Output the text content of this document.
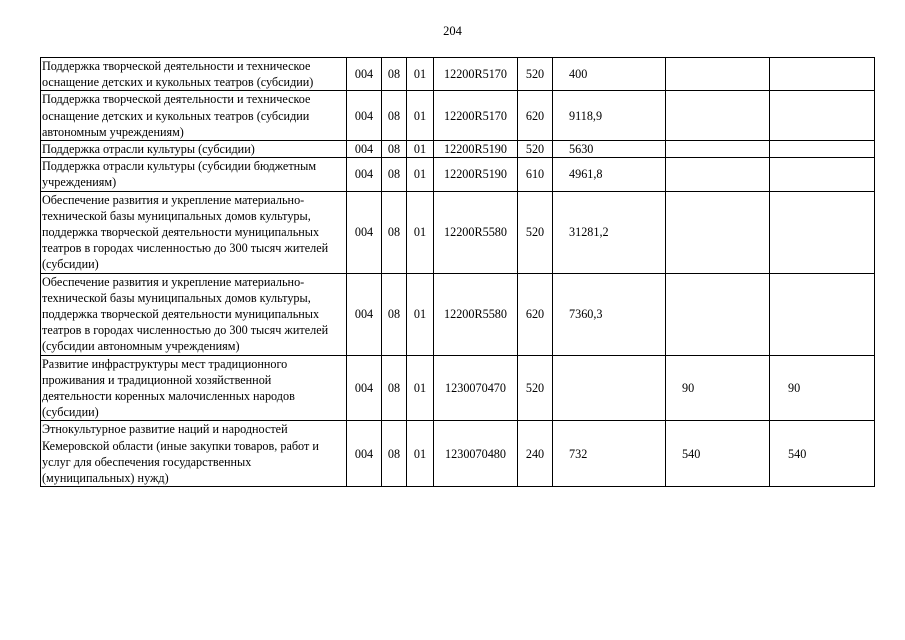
204
Поддержка творческой деятельности и техническое оснащение детских и кукольных театров (субсидии)	004	08	01	12200R5170	520	400		
Поддержка творческой деятельности и техническое оснащение детских и кукольных театров (субсидии автономным учреждениям)	004	08	01	12200R5170	620	9118,9		
Поддержка отрасли культуры (субсидии)	004	08	01	12200R5190	520	5630		
Поддержка отрасли культуры (субсидии бюджетным учреждениям)	004	08	01	12200R5190	610	4961,8		
Обеспечение развития и укрепление материально-технической базы муниципальных домов культуры, поддержка творческой деятельности муниципальных театров в городах численностью до 300 тысяч жителей (субсидии)	004	08	01	12200R5580	520	31281,2		
Обеспечение развития и укрепление материально-технической базы муниципальных домов культуры, поддержка творческой деятельности муниципальных театров в городах численностью до 300 тысяч жителей (субсидии автономным учреждениям)	004	08	01	12200R5580	620	7360,3		
Развитие инфраструктуры мест традиционного проживания и традиционной хозяйственной деятельности коренных малочисленных народов (субсидии)	004	08	01	1230070470	520		90	90
Этнокультурное развитие наций и народностей Кемеровской области (иные закупки товаров, работ и услуг для обеспечения государственных (муниципальных) нужд)	004	08	01	1230070480	240	732	540	540
